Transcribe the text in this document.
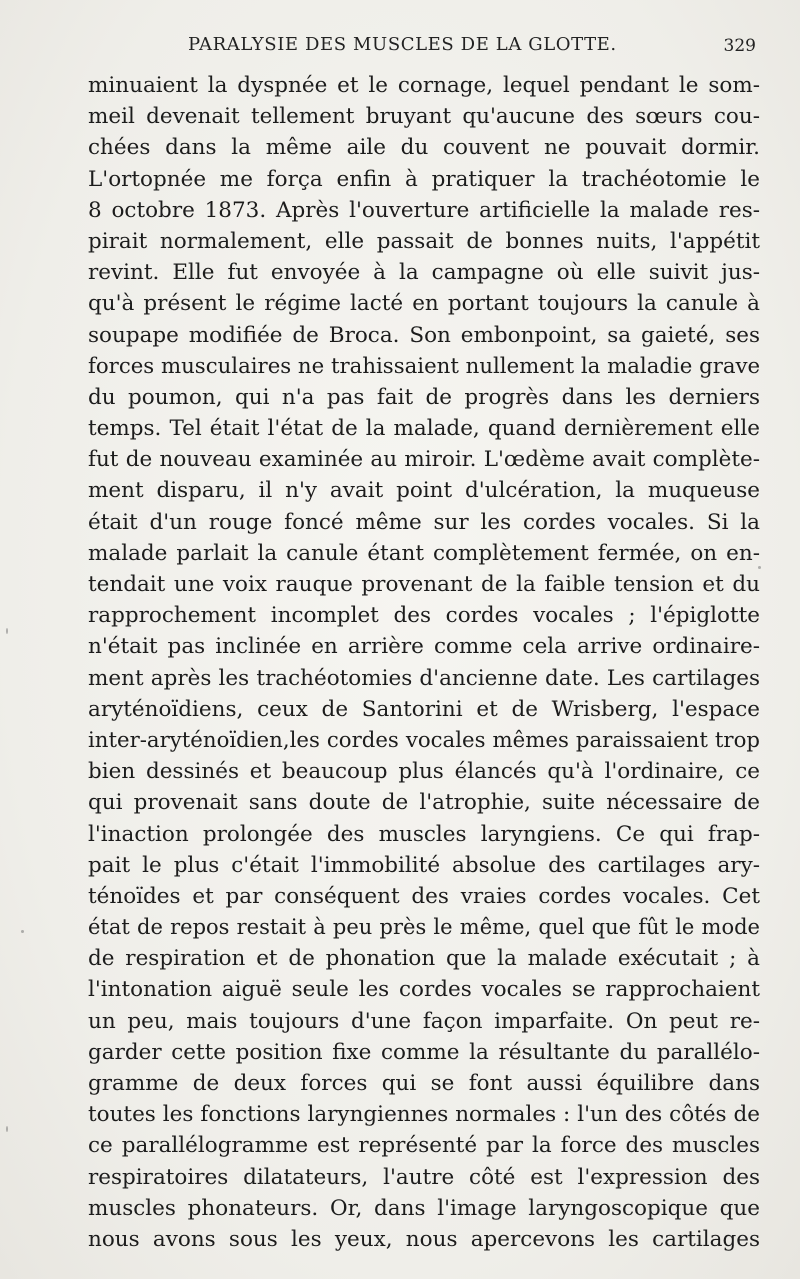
PARALYSIE DES MUSCLES DE LA GLOTTE.	329
minuaient la dyspnée et le cornage, lequel pendant le som-
meil devenait tellement bruyant qu'aucune des sœurs cou-
chées dans la même aile du couvent ne pouvait dormir.
L'ortopnée me força enfin à pratiquer la trachéotomie le
8 octobre 1873. Après l'ouverture artificielle la malade res-
pirait normalement, elle passait de bonnes nuits, l'appétit
revint. Elle fut envoyée à la campagne où elle suivit jus-
qu'à présent le régime lacté en portant toujours la canule à
soupape modifiée de Broca. Son embonpoint, sa gaieté, ses
forces musculaires ne trahissaient nullement la maladie grave
du poumon, qui n'a pas fait de progrès dans les derniers
temps. Tel était l'état de la malade, quand dernièrement elle
fut de nouveau examinée au miroir. L'œdème avait complète-
ment disparu, il n'y avait point d'ulcération, la muqueuse
était d'un rouge foncé même sur les cordes vocales. Si la
malade parlait la canule étant complètement fermée, on en-
tendait une voix rauque provenant de la faible tension et du
rapprochement incomplet des cordes vocales ; l'épiglotte
n'était pas inclinée en arrière comme cela arrive ordinaire-
ment après les trachéotomies d'ancienne date. Les cartilages
aryténoïdiens, ceux de Santorini et de Wrisberg, l'espace
inter-aryténoïdien,les cordes vocales mêmes paraissaient trop
bien dessinés et beaucoup plus élancés qu'à l'ordinaire, ce
qui provenait sans doute de l'atrophie, suite nécessaire de
l'inaction prolongée des muscles laryngiens. Ce qui frap-
pait le plus c'était l'immobilité absolue des cartilages ary-
ténoïdes et par conséquent des vraies cordes vocales. Cet
état de repos restait à peu près le même, quel que fût le mode
de respiration et de phonation que la malade exécutait ; à
l'intonation aiguë seule les cordes vocales se rapprochaient
un peu, mais toujours d'une façon imparfaite. On peut re-
garder cette position fixe comme la résultante du parallélo-
gramme de deux forces qui se font aussi équilibre dans
toutes les fonctions laryngiennes normales : l'un des côtés de
ce parallélogramme est représenté par la force des muscles
respiratoires dilatateurs, l'autre côté est l'expression des
muscles phonateurs. Or, dans l'image laryngoscopique que
nous avons sous les yeux, nous apercevons les cartilages
